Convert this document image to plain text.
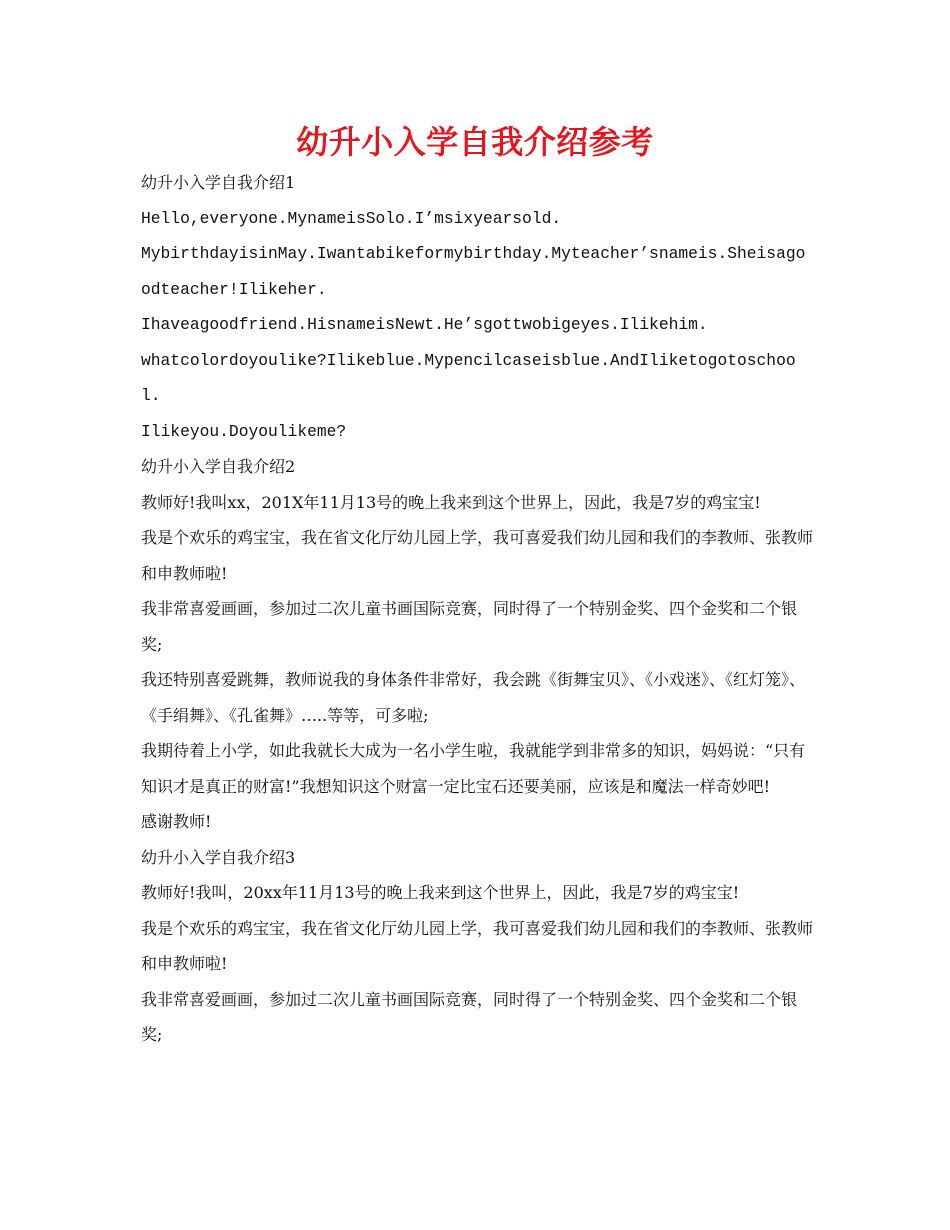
幼升小入学自我介绍参考

幼升小入学自我介绍1

Hello,everyone.MynameisSolo.I’msixyearsold.

MybirthdayisinMay.Iwantabikeformybirthday.Myteacher’snameis.Sheisagoodteacher!Ilikeher.

Ihaveagoodfriend.HisnameisNewt.He’sgottwobigeyes.Ilikehim.

whatcolordoyoulike?Ilikeblue.Mypencilcaseisblue.AndIliketogotoschool.

Ilikeyou.Doyoulikeme?

幼升小入学自我介绍2

教师好!我叫xx，201X年11月13号的晚上我来到这个世界上，因此，我是7岁的鸡宝宝!

我是个欢乐的鸡宝宝，我在省文化厅幼儿园上学，我可喜爱我们幼儿园和我们的李教师、张教师和申教师啦!

我非常喜爱画画，参加过二次儿童书画国际竞赛，同时得了一个特别金奖、四个金奖和二个银奖;

我还特别喜爱跳舞，教师说我的身体条件非常好，我会跳《街舞宝贝》、《小戏迷》、《红灯笼》、《手绢舞》、《孔雀舞》…..等等，可多啦;

我期待着上小学，如此我就长大成为一名小学生啦，我就能学到非常多的知识，妈妈说：“只有知识才是真正的财富!”我想知识这个财富一定比宝石还要美丽，应该是和魔法一样奇妙吧!

感谢教师!

幼升小入学自我介绍3

教师好!我叫，20xx年11月13号的晚上我来到这个世界上，因此，我是7岁的鸡宝宝!

我是个欢乐的鸡宝宝，我在省文化厅幼儿园上学，我可喜爱我们幼儿园和我们的李教师、张教师和申教师啦!

我非常喜爱画画，参加过二次儿童书画国际竞赛，同时得了一个特别金奖、四个金奖和二个银奖;
